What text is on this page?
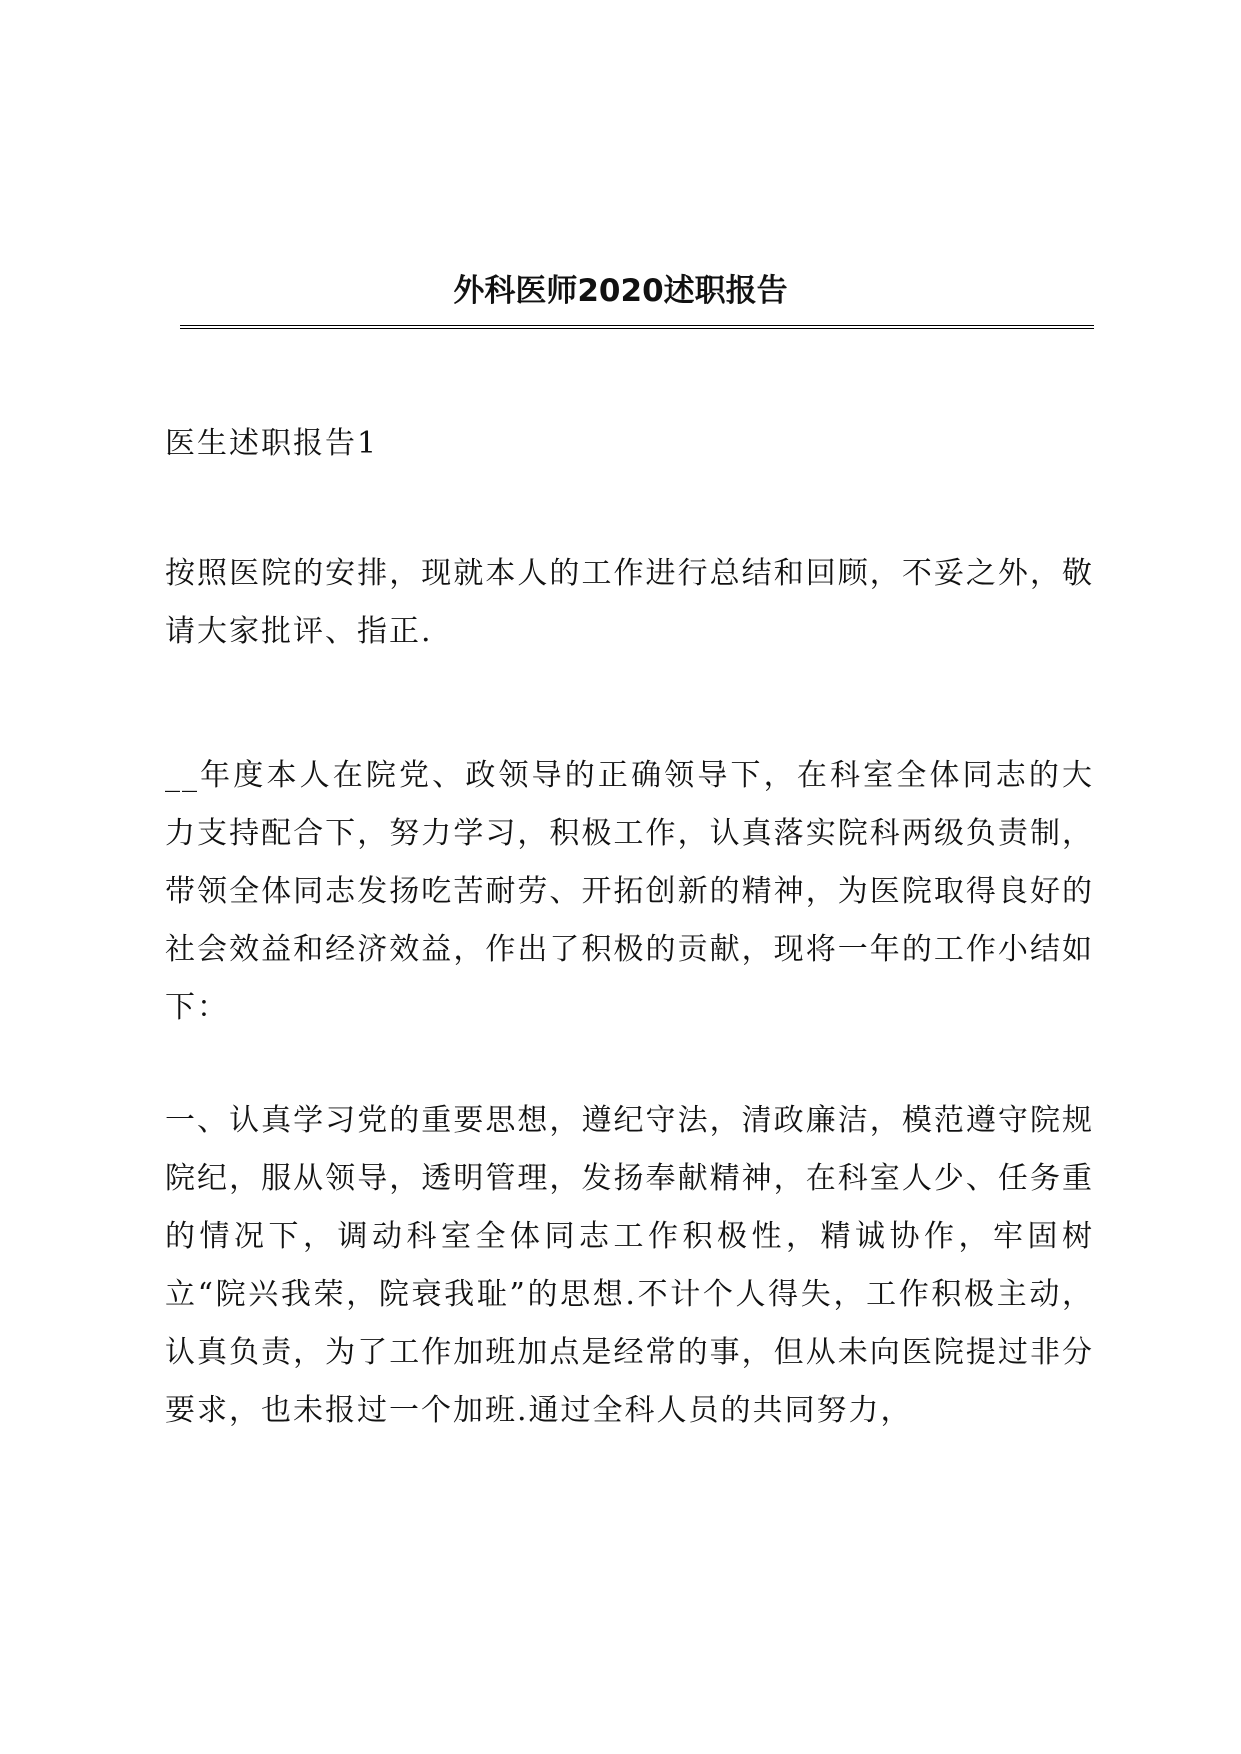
外科医师2020述职报告

医生述职报告1

按照医院的安排，现就本人的工作进行总结和回顾，不妥之外，敬请大家批评、指正.

__年度本人在院党、政领导的正确领导下，在科室全体同志的大力支持配合下，努力学习，积极工作，认真落实院科两级负责制，带领全体同志发扬吃苦耐劳、开拓创新的精神，为医院取得良好的社会效益和经济效益，作出了积极的贡献，现将一年的工作小结如下：

一、认真学习党的重要思想，遵纪守法，清政廉洁，模范遵守院规院纪，服从领导，透明管理，发扬奉献精神，在科室人少、任务重的情况下，调动科室全体同志工作积极性，精诚协作，牢固树立“院兴我荣，院衰我耻”的思想.不计个人得失，工作积极主动，认真负责，为了工作加班加点是经常的事，但从未向医院提过非分要求，也未报过一个加班.通过全科人员的共同努力，
